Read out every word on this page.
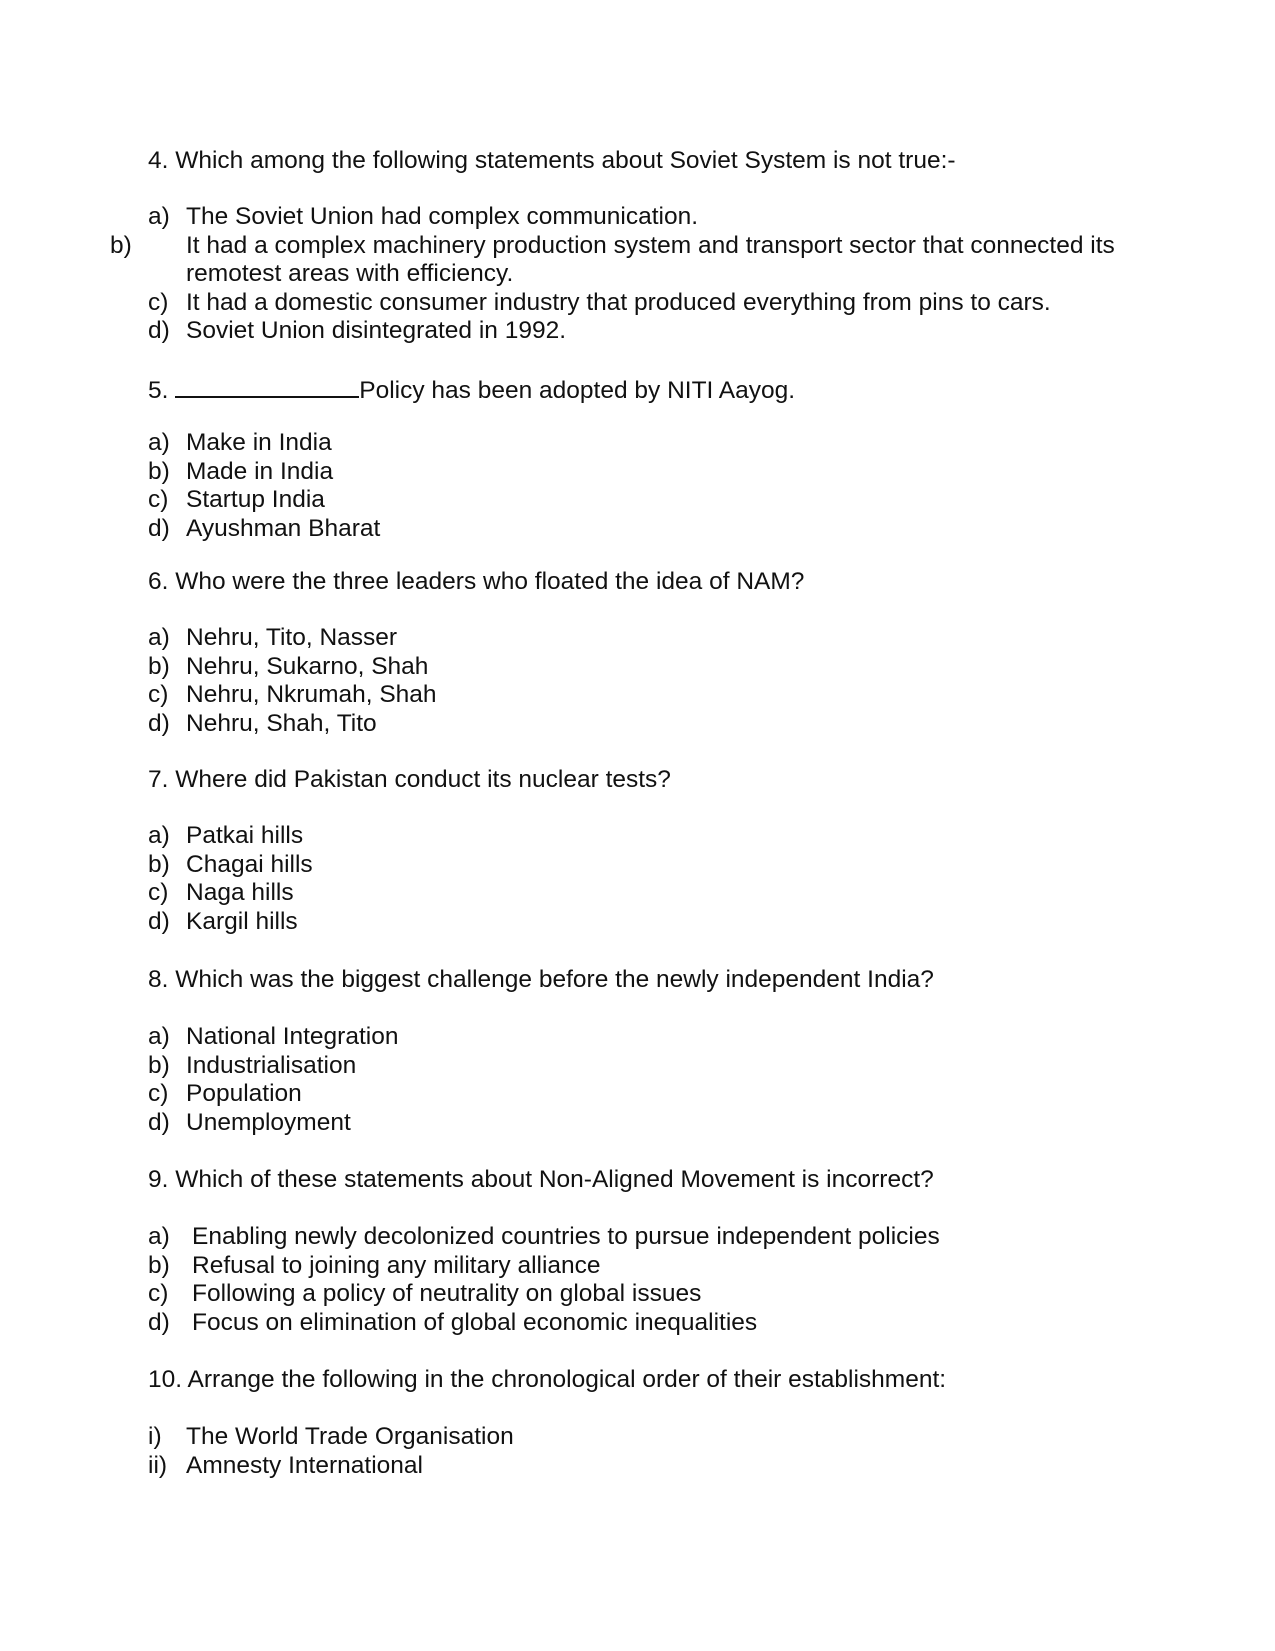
4. Which among the following statements about Soviet System is not true:-

a) The Soviet Union had complex communication.
b) It had a complex machinery production system and transport sector that connected its remotest areas with efficiency.
c) It had a domestic consumer industry that produced everything from pins to cars.
d) Soviet Union disintegrated in 1992.

5.	Policy has been adopted by NITI Aayog.

a) Make in India
b) Made in India
c) Startup India
d) Ayushman Bharat

6. Who were the three leaders who floated the idea of NAM?

a) Nehru, Tito, Nasser
b) Nehru, Sukarno, Shah
c) Nehru, Nkrumah, Shah
d) Nehru, Shah, Tito

7. Where did Pakistan conduct its nuclear tests?

a) Patkai hills
b) Chagai hills
c) Naga hills
d) Kargil hills

8. Which was the biggest challenge before the newly independent India?

a) National Integration
b) Industrialisation
c) Population
d) Unemployment

9. Which of these statements about Non-Aligned Movement is incorrect?

a) Enabling newly decolonized countries to pursue independent policies
b) Refusal to joining any military alliance
c) Following a policy of neutrality on global issues
d) Focus on elimination of global economic inequalities

10. Arrange the following in the chronological order of their establishment:

i) The World Trade Organisation
ii) Amnesty International
